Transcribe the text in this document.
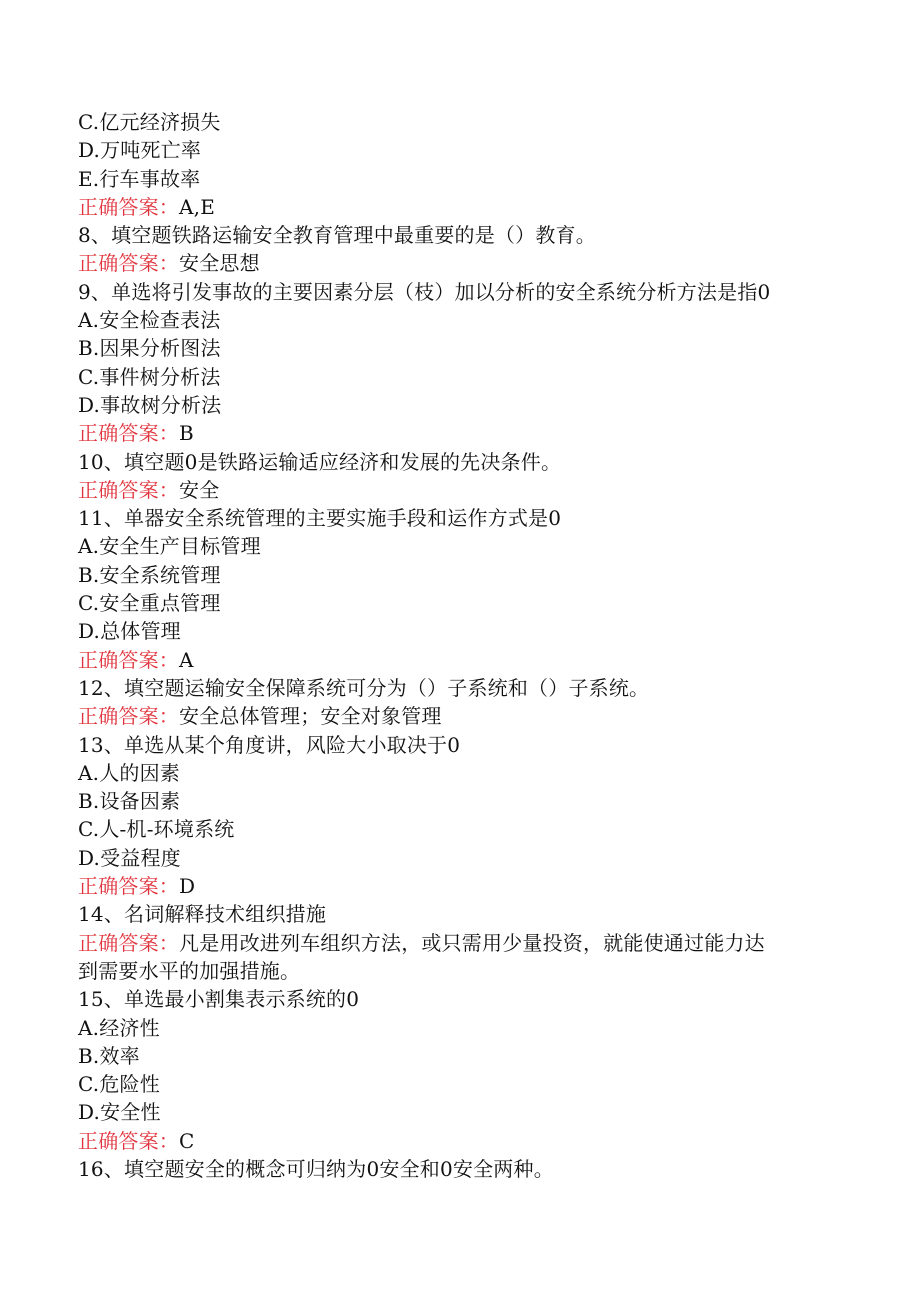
C.亿元经济损失
D.万吨死亡率
E.行车事故率
正确答案：A,E
8、填空题铁路运输安全教育管理中最重要的是（）教育。
正确答案：安全思想
9、单选将引发事故的主要因素分层（枝）加以分析的安全系统分析方法是指0
A.安全检查表法
B.因果分析图法
C.事件树分析法
D.事故树分析法
正确答案：B
10、填空题0是铁路运输适应经济和发展的先决条件。
正确答案：安全
11、单器安全系统管理的主要实施手段和运作方式是0
A.安全生产目标管理
B.安全系统管理
C.安全重点管理
D.总体管理
正确答案：A
12、填空题运输安全保障系统可分为（）子系统和（）子系统。
正确答案：安全总体管理；安全对象管理
13、单选从某个角度讲，风险大小取决于0
A.人的因素
B.设备因素
C.人-机-环境系统
D.受益程度
正确答案：D
14、名词解释技术组织措施
正确答案：凡是用改进列车组织方法，或只需用少量投资，就能使通过能力达
到需要水平的加强措施。
15、单选最小割集表示系统的0
A.经济性
B.效率
C.危险性
D.安全性
正确答案：C
16、填空题安全的概念可归纳为0安全和0安全两种。
